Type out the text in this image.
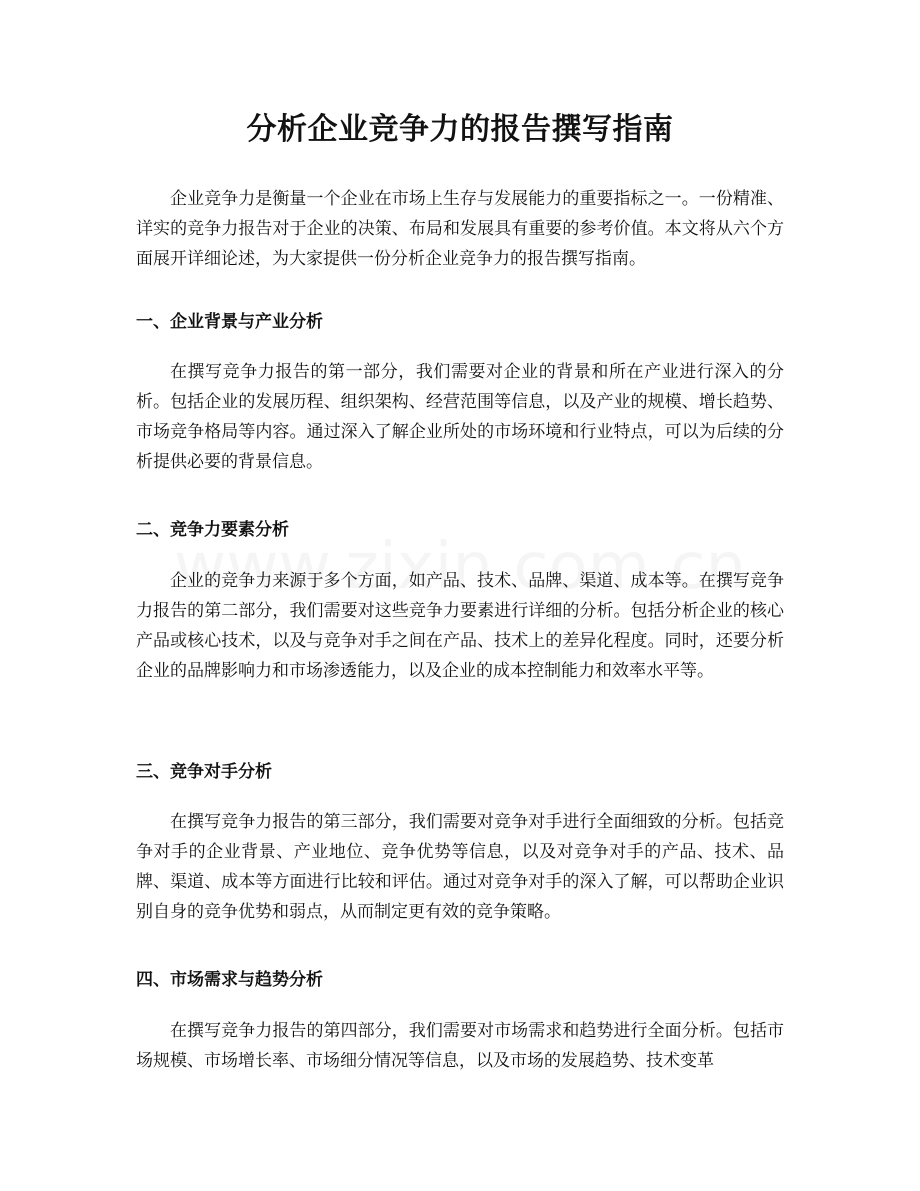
分析企业竞争力的报告撰写指南

企业竞争力是衡量一个企业在市场上生存与发展能力的重要指标之一。一份精准、详实的竞争力报告对于企业的决策、布局和发展具有重要的参考价值。本文将从六个方面展开详细论述，为大家提供一份分析企业竞争力的报告撰写指南。

一、企业背景与产业分析

在撰写竞争力报告的第一部分，我们需要对企业的背景和所在产业进行深入的分析。包括企业的发展历程、组织架构、经营范围等信息，以及产业的规模、增长趋势、市场竞争格局等内容。通过深入了解企业所处的市场环境和行业特点，可以为后续的分析提供必要的背景信息。

二、竞争力要素分析

企业的竞争力来源于多个方面，如产品、技术、品牌、渠道、成本等。在撰写竞争力报告的第二部分，我们需要对这些竞争力要素进行详细的分析。包括分析企业的核心产品或核心技术，以及与竞争对手之间在产品、技术上的差异化程度。同时，还要分析企业的品牌影响力和市场渗透能力，以及企业的成本控制能力和效率水平等。

三、竞争对手分析

在撰写竞争力报告的第三部分，我们需要对竞争对手进行全面细致的分析。包括竞争对手的企业背景、产业地位、竞争优势等信息，以及对竞争对手的产品、技术、品牌、渠道、成本等方面进行比较和评估。通过对竞争对手的深入了解，可以帮助企业识别自身的竞争优势和弱点，从而制定更有效的竞争策略。

四、市场需求与趋势分析

在撰写竞争力报告的第四部分，我们需要对市场需求和趋势进行全面分析。包括市场规模、市场增长率、市场细分情况等信息，以及市场的发展趋势、技术变革
